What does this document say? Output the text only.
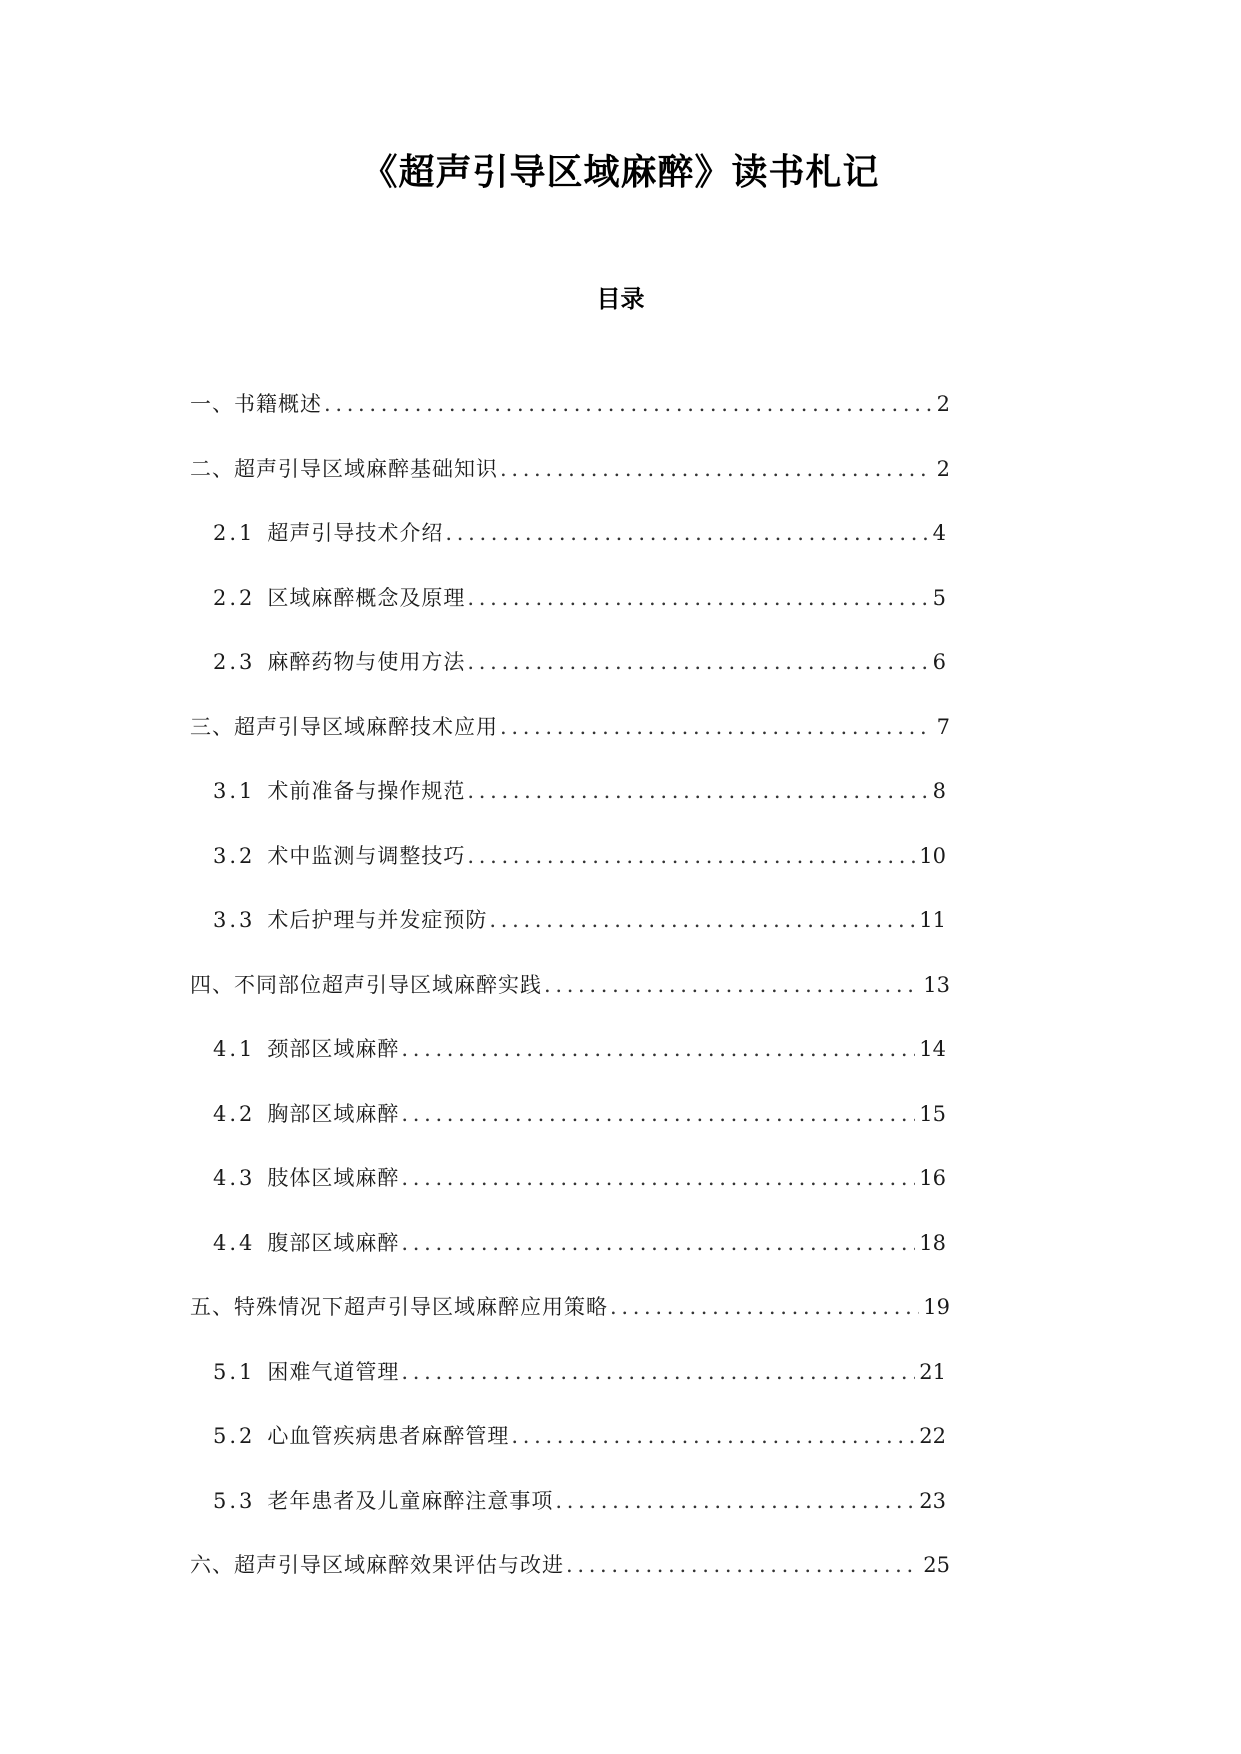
《超声引导区域麻醉》读书札记
目录
一、书籍概述 . . .	2
二、超声引导区域麻醉基础知识 . . .	2
2.1 超声引导技术介绍 . . .	4
2.2 区域麻醉概念及原理 . . .	5
2.3 麻醉药物与使用方法 . . .	6
三、超声引导区域麻醉技术应用 . . .	7
3.1 术前准备与操作规范 . . .	8
3.2 术中监测与调整技巧 . . .	10
3.3 术后护理与并发症预防 . . .	11
四、不同部位超声引导区域麻醉实践 . . .	13
4.1 颈部区域麻醉 . . .	14
4.2 胸部区域麻醉 . . .	15
4.3 肢体区域麻醉 . . .	16
4.4 腹部区域麻醉 . . .	18
五、特殊情况下超声引导区域麻醉应用策略 . . .	19
5.1 困难气道管理 . . .	21
5.2 心血管疾病患者麻醉管理 . . .	22
5.3 老年患者及儿童麻醉注意事项 . . .	23
六、超声引导区域麻醉效果评估与改进 . . .	25
